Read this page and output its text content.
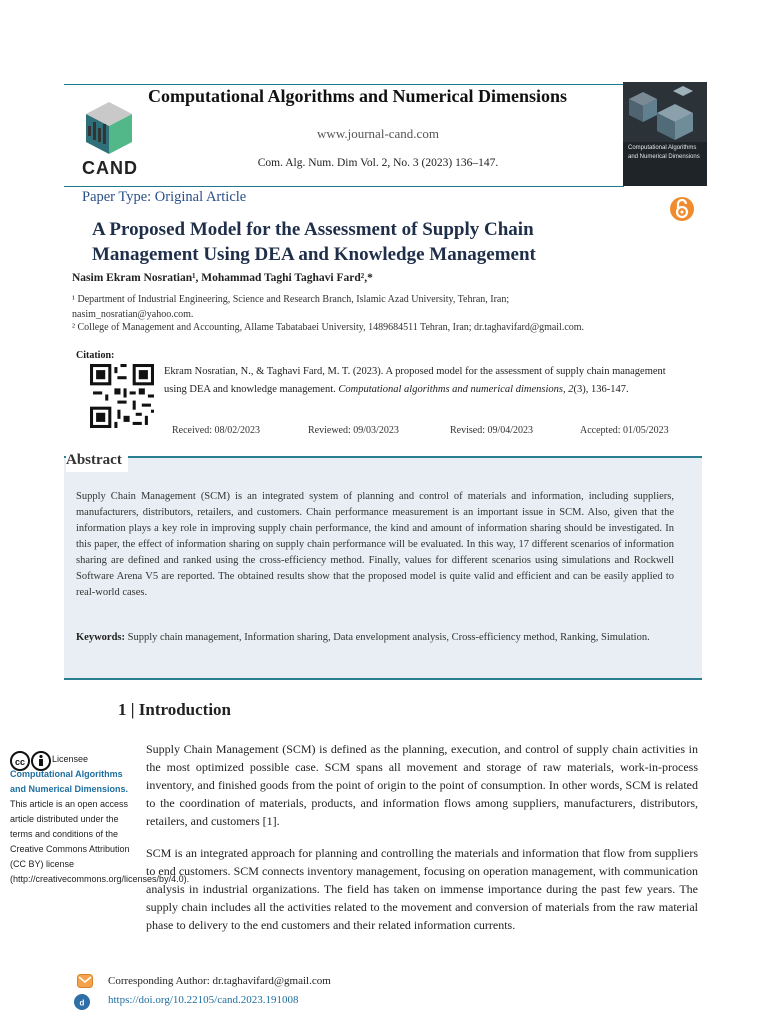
CAND
Computational Algorithms and Numerical Dimensions
www.journal-cand.com
Com. Alg. Num. Dim Vol. 2, No. 3 (2023) 136–147.
Computational Algorithms and Numerical Dimensions
Paper Type: Original Article
A Proposed Model for the Assessment of Supply Chain
Management Using DEA and Knowledge Management
Nasim Ekram Nosratian¹, Mohammad Taghi Taghavi Fard²,*
¹ Department of Industrial Engineering, Science and Research Branch, Islamic Azad University, Tehran, Iran;
nasim_nosratian@yahoo.com.
² College of Management and Accounting, Allame Tabatabaei University, 1489684511 Tehran, Iran; dr.taghavifard@gmail.com.
Citation:
Ekram Nosratian, N., & Taghavi Fard, M. T. (2023). A proposed model for the assessment of supply chain management using DEA and knowledge management. Computational algorithms and numerical dimensions, 2(3), 136-147.
Received: 08/02/2023	Reviewed: 09/03/2023	Revised: 09/04/2023	Accepted: 01/05/2023
Abstract
Supply Chain Management (SCM) is an integrated system of planning and control of materials and information, including suppliers, manufacturers, distributors, retailers, and customers. Chain performance measurement is an important issue in SCM. Also, given that the information plays a key role in improving supply chain performance, the kind and amount of information sharing should be investigated. In this paper, the effect of information sharing on supply chain performance will be evaluated. In this way, 17 different scenarios of information sharing are defined and ranked using the cross-efficiency method. Finally, values for different scenarios using simulations and Rockwell Software Arena V5 are reported. The obtained results show that the proposed model is quite valid and efficient and can be easily applied to real-world cases.
Keywords: Supply chain management, Information sharing, Data envelopment analysis, Cross-efficiency method, Ranking, Simulation.
1 | Introduction
cc	Licensee
Computational Algorithms and Numerical Dimensions.
This article is an open access article distributed under the terms and conditions of the Creative Commons Attribution (CC BY) license (http://creativecommons.org/licenses/by/4.0).
Supply Chain Management (SCM) is defined as the planning, execution, and control of supply chain activities in the most optimized possible case. SCM spans all movement and storage of raw materials, work-in-process inventory, and finished goods from the point of origin to the point of consumption. In other words, SCM is related to the coordination of materials, products, and information flows among suppliers, manufacturers, distributors, retailers, and customers [1].
SCM is an integrated approach for planning and controlling the materials and information that flow from suppliers to end customers. SCM connects inventory management, focusing on operation management, with communication analysis in industrial organizations. The field has taken on immense importance during the past few years. The supply chain includes all the activities related to the movement and conversion of materials from the raw material phase to delivery to the end customers and their related information currents.
Corresponding Author: dr.taghavifard@gmail.com
d https://doi.org/10.22105/cand.2023.191008
